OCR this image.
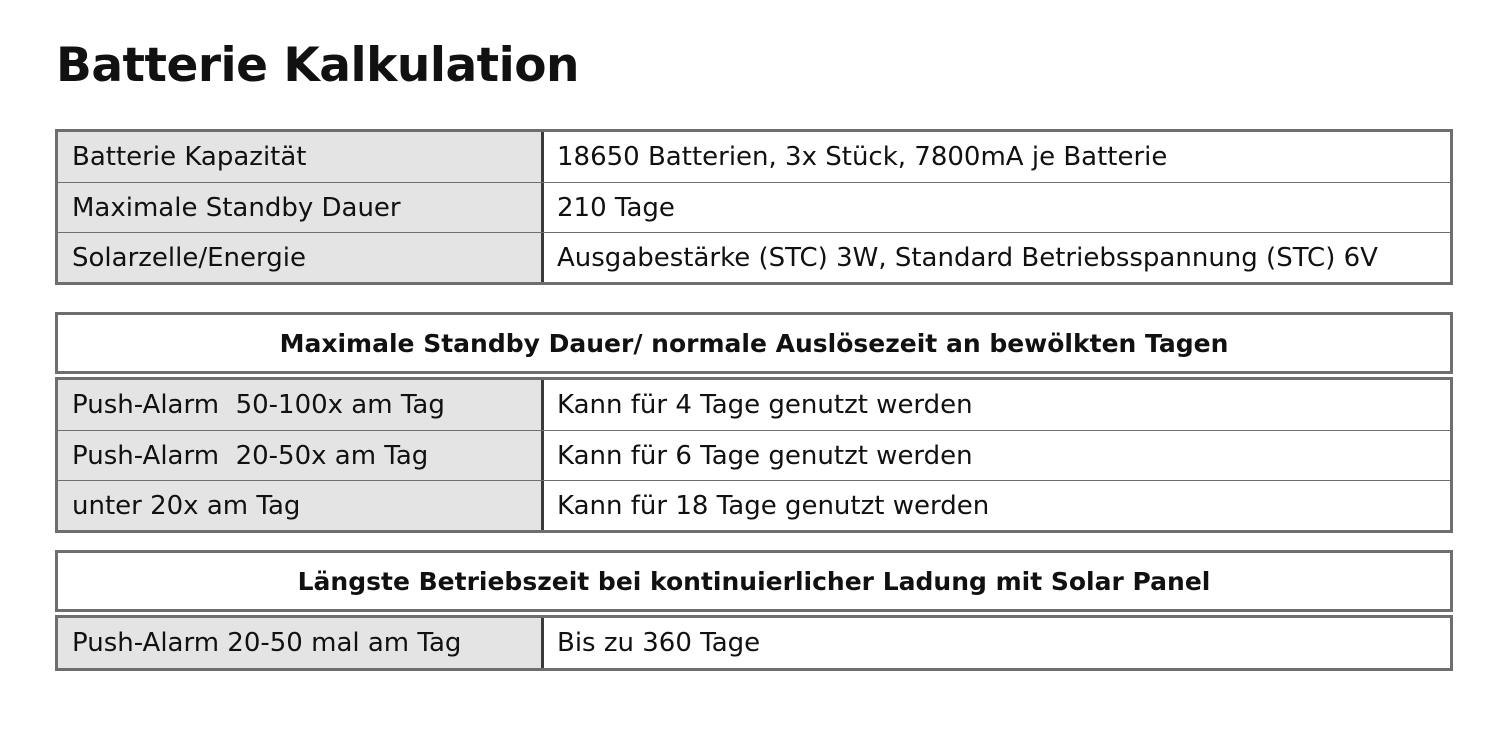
Batterie Kalkulation
Batterie Kapazität	18650 Batterien, 3x Stück, 7800mA je Batterie
Maximale Standby Dauer	210 Tage
Solarzelle/Energie	Ausgabestärke (STC) 3W, Standard Betriebsspannung (STC) 6V
Maximale Standby Dauer/ normale Auslösezeit an bewölkten Tagen
Push-Alarm  50-100x am Tag	Kann für 4 Tage genutzt werden
Push-Alarm  20-50x am Tag	Kann für 6 Tage genutzt werden
unter 20x am Tag	Kann für 18 Tage genutzt werden
Längste Betriebszeit bei kontinuierlicher Ladung mit Solar Panel
Push-Alarm 20-50 mal am Tag	Bis zu 360 Tage
